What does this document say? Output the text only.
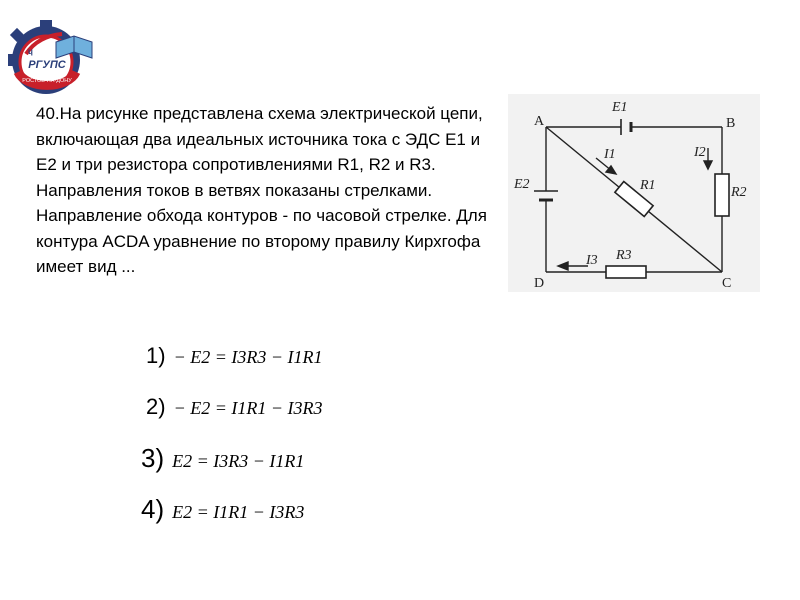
РОСТОВ-НА-ДОНУ
РГУПС
ɥ

40.На рисунке представлена схема электрической цепи, включающая два идеальных источника тока с ЭДС E1 и E2 и три резистора сопротивлениями R1, R2 и R3. Направления токов в ветвях показаны стрелками. Направление обхода контуров - по часовой стрелке. Для контура ACDA уравнение по второму правилу Кирхгофа имеет вид ...

A	B
C
D
E1
E2	R1	R2
R3
I1	I2
I3
1) − E2 = I3R3 − I1R1
2) − E2 = I1R1 − I3R3
3) E2 = I3R3 − I1R1
4) E2 = I1R1 − I3R3
